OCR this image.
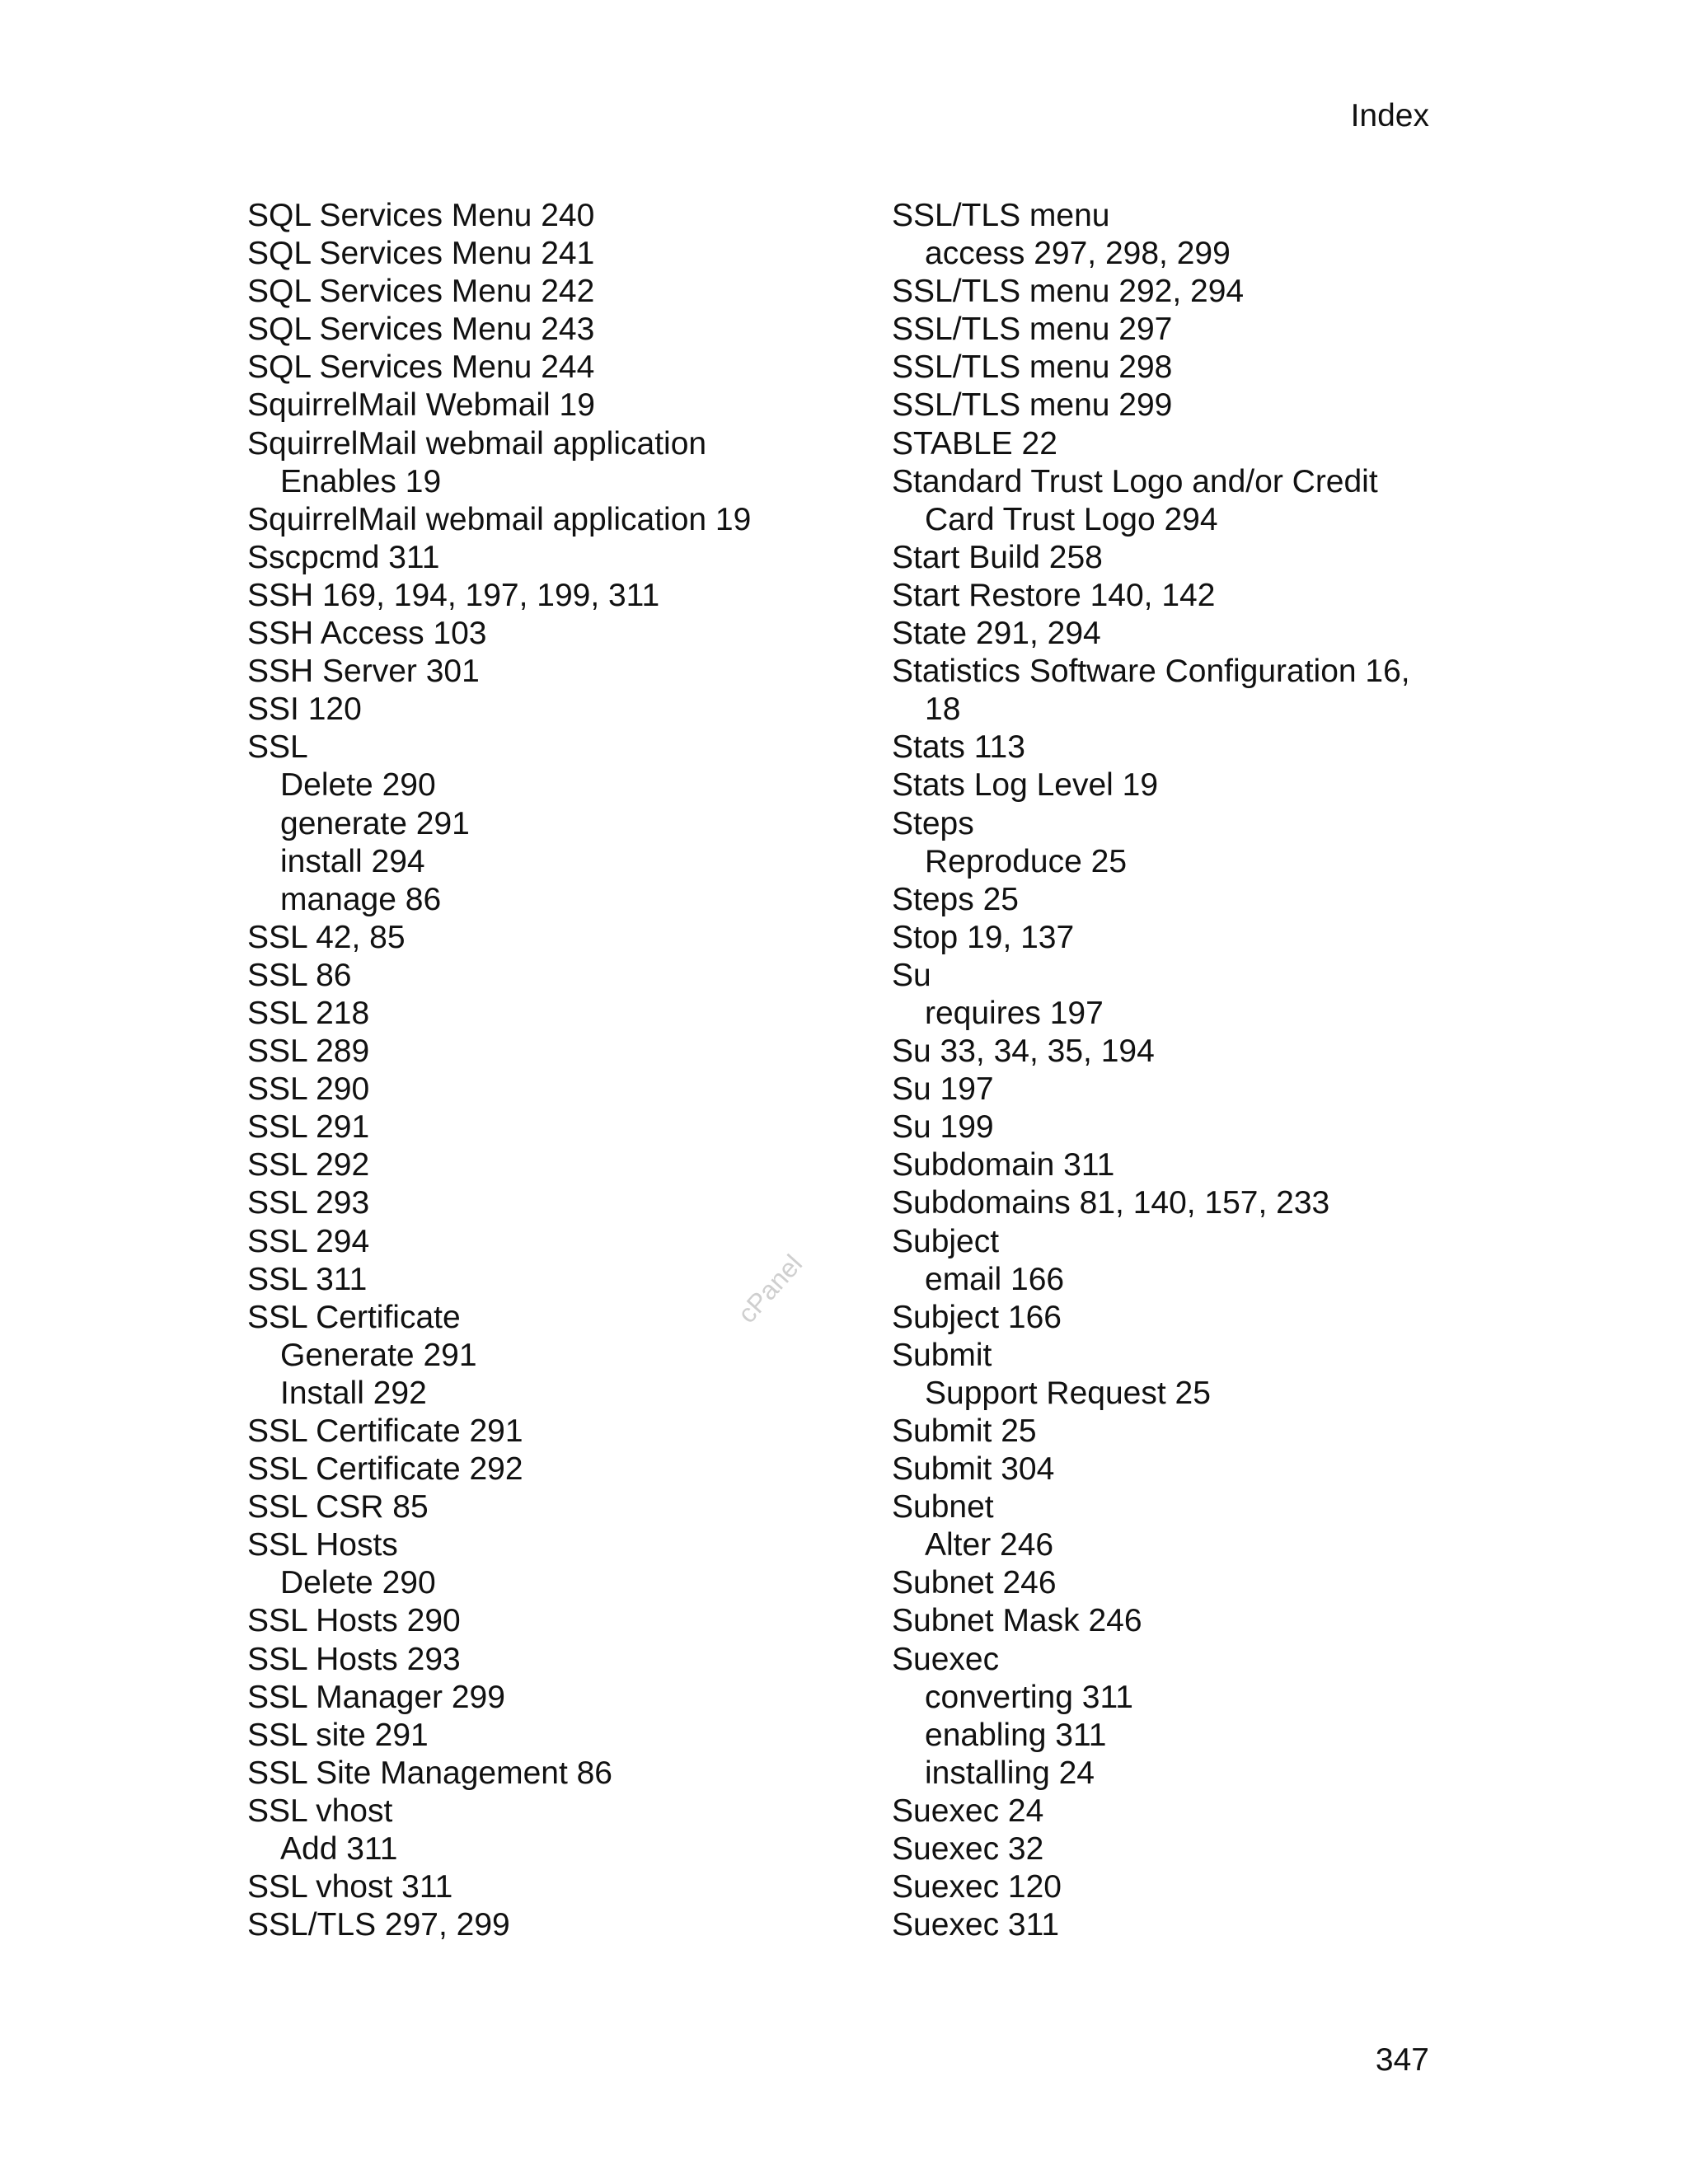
Index
SQL Services Menu 240
SQL Services Menu 241
SQL Services Menu 242
SQL Services Menu 243
SQL Services Menu 244
SquirrelMail Webmail 19
SquirrelMail webmail application
Enables 19
SquirrelMail webmail application 19
Sscpcmd 311
SSH 169, 194, 197, 199, 311
SSH Access 103
SSH Server 301
SSI 120
SSL
Delete 290
generate 291
install 294
manage 86
SSL 42, 85
SSL 86
SSL 218
SSL 289
SSL 290
SSL 291
SSL 292
SSL 293
SSL 294
SSL 311
SSL Certificate
Generate 291
Install 292
SSL Certificate 291
SSL Certificate 292
SSL CSR 85
SSL Hosts
Delete 290
SSL Hosts 290
SSL Hosts 293
SSL Manager 299
SSL site 291
SSL Site Management 86
SSL vhost
Add 311
SSL vhost 311
SSL/TLS 297, 299
SSL/TLS menu
access 297, 298, 299
SSL/TLS menu 292, 294
SSL/TLS menu 297
SSL/TLS menu 298
SSL/TLS menu 299
STABLE 22
Standard Trust Logo and/or Credit
Card Trust Logo 294
Start Build 258
Start Restore 140, 142
State 291, 294
Statistics Software Configuration 16,
18
Stats 113
Stats Log Level 19
Steps
Reproduce 25
Steps 25
Stop 19, 137
Su
requires 197
Su 33, 34, 35, 194
Su 197
Su 199
Subdomain 311
Subdomains 81, 140, 157, 233
Subject
email 166
Subject 166
Submit
Support Request 25
Submit 25
Submit 304
Subnet
Alter 246
Subnet 246
Subnet Mask 246
Suexec
converting 311
enabling 311
installing 24
Suexec 24
Suexec 32
Suexec 120
Suexec 311
cPanel
347
